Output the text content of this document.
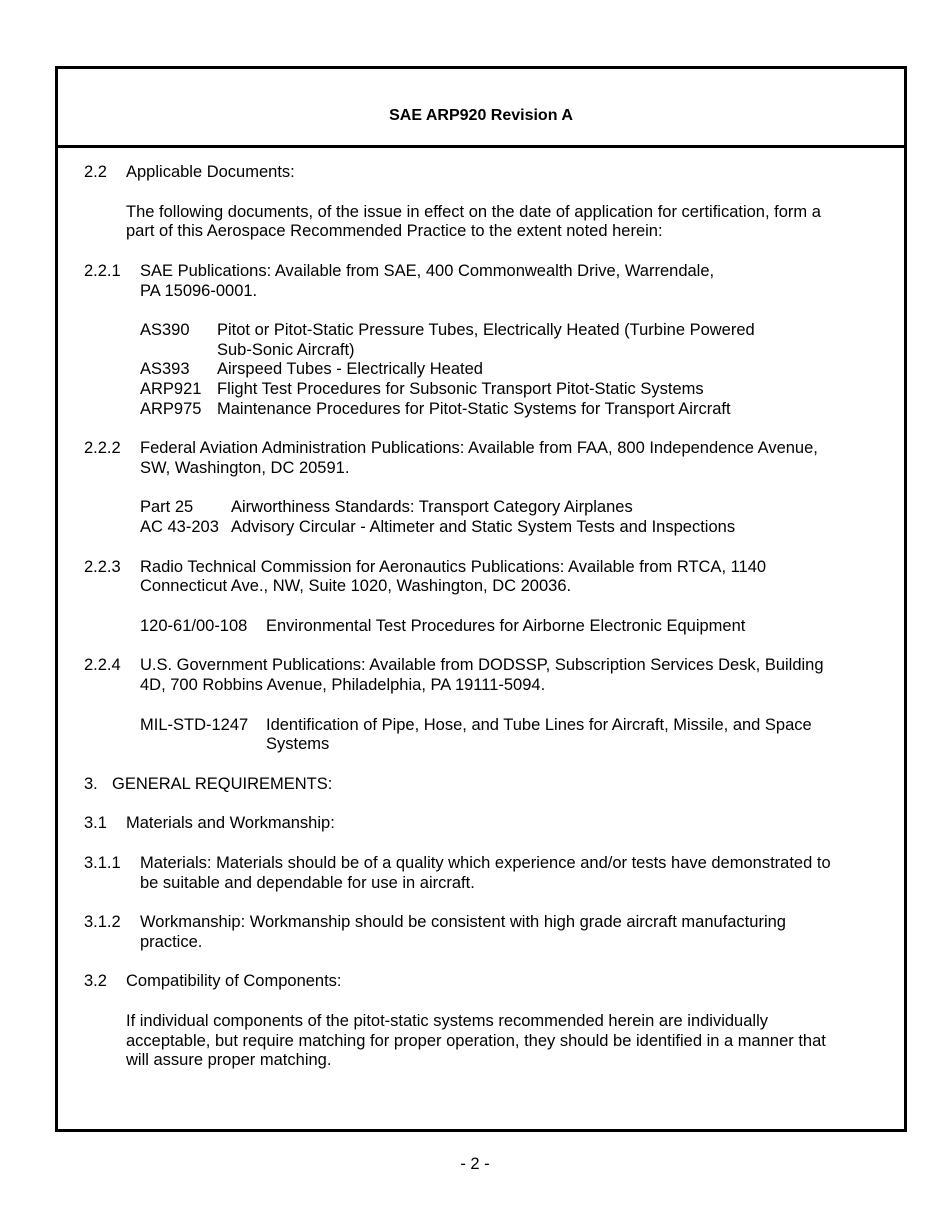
SAE ARP920 Revision A
2.2 Applicable Documents:
The following documents, of the issue in effect on the date of application for certification, form a
part of this Aerospace Recommended Practice to the extent noted herein:
2.2.1 SAE Publications: Available from SAE, 400 Commonwealth Drive, Warrendale,
PA 15096-0001.
AS390 Pitot or Pitot-Static Pressure Tubes, Electrically Heated (Turbine Powered
Sub-Sonic Aircraft)
AS393 Airspeed Tubes - Electrically Heated
ARP921 Flight Test Procedures for Subsonic Transport Pitot-Static Systems
ARP975 Maintenance Procedures for Pitot-Static Systems for Transport Aircraft
2.2.2 Federal Aviation Administration Publications: Available from FAA, 800 Independence Avenue,
SW, Washington, DC 20591.
Part 25 Airworthiness Standards: Transport Category Airplanes
AC 43-203 Advisory Circular - Altimeter and Static System Tests and Inspections
2.2.3 Radio Technical Commission for Aeronautics Publications: Available from RTCA, 1140
Connecticut Ave., NW, Suite 1020, Washington, DC 20036.
120-61/00-108 Environmental Test Procedures for Airborne Electronic Equipment
2.2.4 U.S. Government Publications: Available from DODSSP, Subscription Services Desk, Building
4D, 700 Robbins Avenue, Philadelphia, PA 19111-5094.
MIL-STD-1247 Identification of Pipe, Hose, and Tube Lines for Aircraft, Missile, and Space
Systems
3. GENERAL REQUIREMENTS:
3.1 Materials and Workmanship:
3.1.1 Materials: Materials should be of a quality which experience and/or tests have demonstrated to
be suitable and dependable for use in aircraft.
3.1.2 Workmanship: Workmanship should be consistent with high grade aircraft manufacturing
practice.
3.2 Compatibility of Components:
If individual components of the pitot-static systems recommended herein are individually
acceptable, but require matching for proper operation, they should be identified in a manner that
will assure proper matching.
- 2 -
